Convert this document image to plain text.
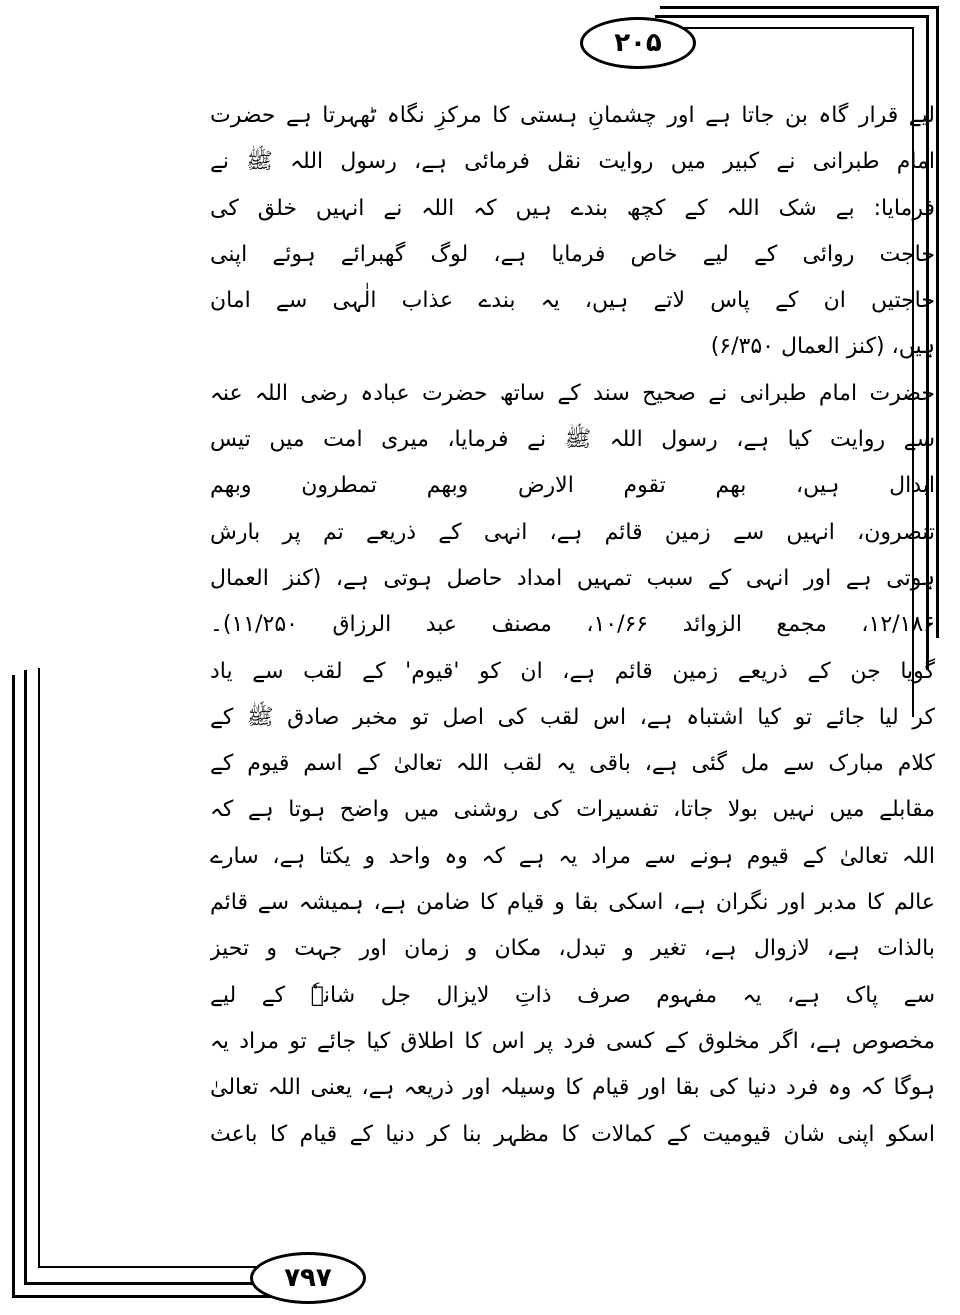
۲۰۵
۷۹۷
لیے قرار گاہ بن جاتا ہے اور چشمانِ ہستی کا مرکزِ نگاہ ٹھہرتا ہے حضرت
امام طبرانی نے کبیر میں روایت نقل فرمائی ہے، رسول اللہ ﷺ نے
فرمایا: بے شک اللہ کے کچھ بندے ہیں کہ اللہ نے انہیں خلق کی
حاجت روائی کے لیے خاص فرمایا ہے، لوگ گھبرائے ہوئے اپنی
حاجتیں ان کے پاس لاتے ہیں، یہ بندے عذاب الٰہی سے امان
ہیں، (کنز العمال ۶/۳۵۰)
حضرت امام طبرانی نے صحیح سند کے ساتھ حضرت عبادہ رضی اللہ عنہ
سے روایت کیا ہے، رسول اللہ ﷺ نے فرمایا، میری امت میں تیس
ابدال ہیں، بھم تقوم الارض وبھم تمطرون وبھم
تنصرون، انہیں سے زمین قائم ہے، انہی کے ذریعے تم پر بارش
ہوتی ہے اور انہی کے سبب تمہیں امداد حاصل ہوتی ہے، (کنز العمال
۱۲/۱۸۶، مجمع الزوائد ۱۰/۶۶، مصنف عبد الرزاق ۱۱/۲۵۰)۔
گویا جن کے ذریعے زمین قائم ہے، ان کو 'قیوم' کے لقب سے یاد
کر لیا جائے تو کیا اشتباہ ہے، اس لقب کی اصل تو مخبر صادق ﷺ کے
کلام مبارک سے مل گئی ہے، باقی یہ لقب اللہ تعالیٰ کے اسم قیوم کے
مقابلے میں نہیں بولا جاتا، تفسیرات کی روشنی میں واضح ہوتا ہے کہ
اللہ تعالیٰ کے قیوم ہونے سے مراد یہ ہے کہ وہ واحد و یکتا ہے، سارے
عالم کا مدبر اور نگران ہے، اسکی بقا و قیام کا ضامن ہے، ہمیشہ سے قائم
بالذات ہے، لازوال ہے، تغیر و تبدل، مکان و زمان اور جہت و تحیز
سے پاک ہے، یہ مفہوم صرف ذاتِ لایزال جل شانہٗ کے لیے
مخصوص ہے، اگر مخلوق کے کسی فرد پر اس کا اطلاق کیا جائے تو مراد یہ
ہوگا کہ وہ فرد دنیا کی بقا اور قیام کا وسیلہ اور ذریعہ ہے، یعنی اللہ تعالیٰ
اسکو اپنی شان قیومیت کے کمالات کا مظہر بنا کر دنیا کے قیام کا باعث
